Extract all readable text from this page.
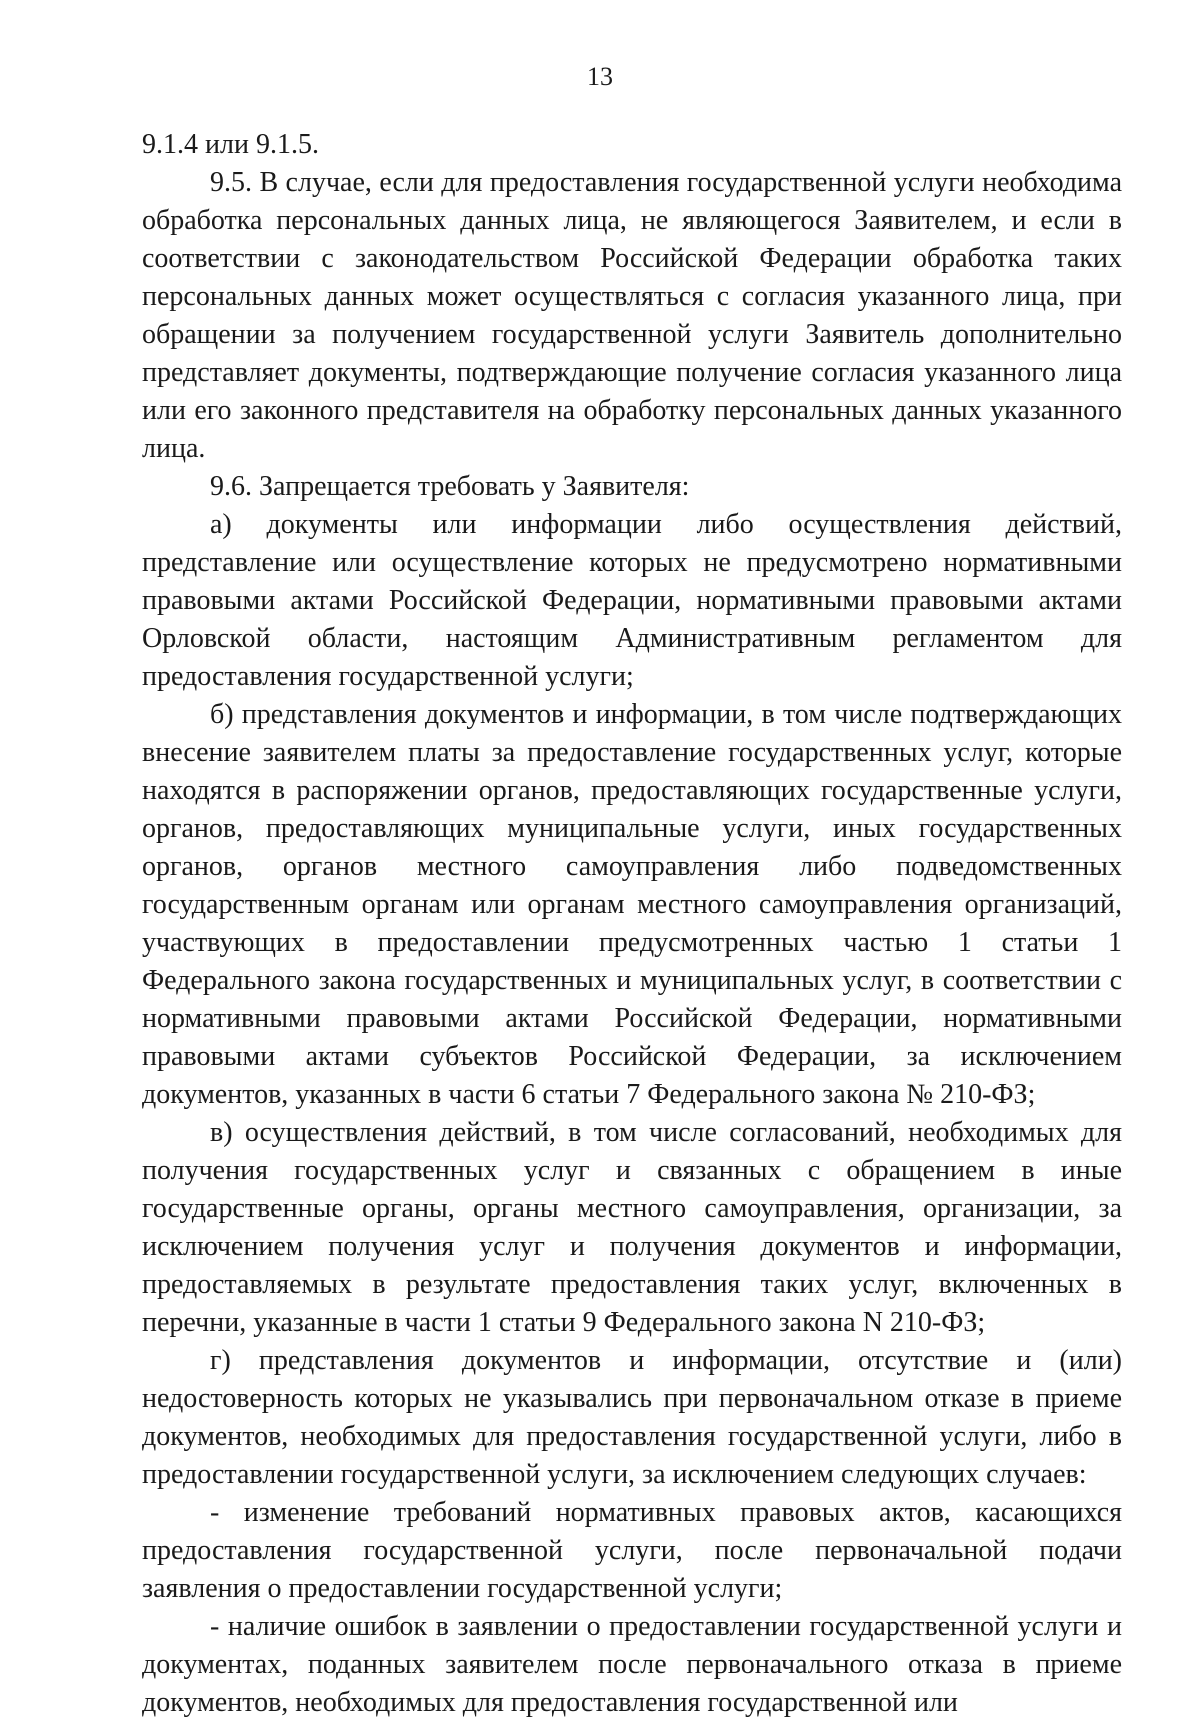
13

9.1.4 или 9.1.5.

9.5. В случае, если для предоставления государственной услуги необходима обработка персональных данных лица, не являющегося Заявителем, и если в соответствии с законодательством Российской Федерации обработка таких персональных данных может осуществляться с согласия указанного лица, при обращении за получением государственной услуги Заявитель дополнительно представляет документы, подтверждающие получение согласия указанного лица или его законного представителя на обработку персональных данных указанного лица.

9.6. Запрещается требовать у Заявителя:

а) документы или информации либо осуществления действий, представление или осуществление которых не предусмотрено нормативными правовыми актами Российской Федерации, нормативными правовыми актами Орловской области, настоящим Административным регламентом для предоставления государственной услуги;

б) представления документов и информации, в том числе подтверждающих внесение заявителем платы за предоставление государственных услуг, которые находятся в распоряжении органов, предоставляющих государственные услуги, органов, предоставляющих муниципальные услуги, иных государственных органов, органов местного самоуправления либо подведомственных государственным органам или органам местного самоуправления организаций, участвующих в предоставлении предусмотренных частью 1 статьи 1 Федерального закона государственных и муниципальных услуг, в соответствии с нормативными правовыми актами Российской Федерации, нормативными правовыми актами субъектов Российской Федерации, за исключением документов, указанных в части 6 статьи 7 Федерального закона № 210-ФЗ;

в) осуществления действий, в том числе согласований, необходимых для получения государственных услуг и связанных с обращением в иные государственные органы, органы местного самоуправления, организации, за исключением получения услуг и получения документов и информации, предоставляемых в результате предоставления таких услуг, включенных в перечни, указанные в части 1 статьи 9 Федерального закона N 210-ФЗ;

г) представления документов и информации, отсутствие и (или) недостоверность которых не указывались при первоначальном отказе в приеме документов, необходимых для предоставления государственной услуги, либо в предоставлении государственной услуги, за исключением следующих случаев:

- изменение требований нормативных правовых актов, касающихся предоставления государственной услуги, после первоначальной подачи заявления о предоставлении государственной услуги;

- наличие ошибок в заявлении о предоставлении государственной услуги и документах, поданных заявителем после первоначального отказа в приеме документов, необходимых для предоставления государственной или
